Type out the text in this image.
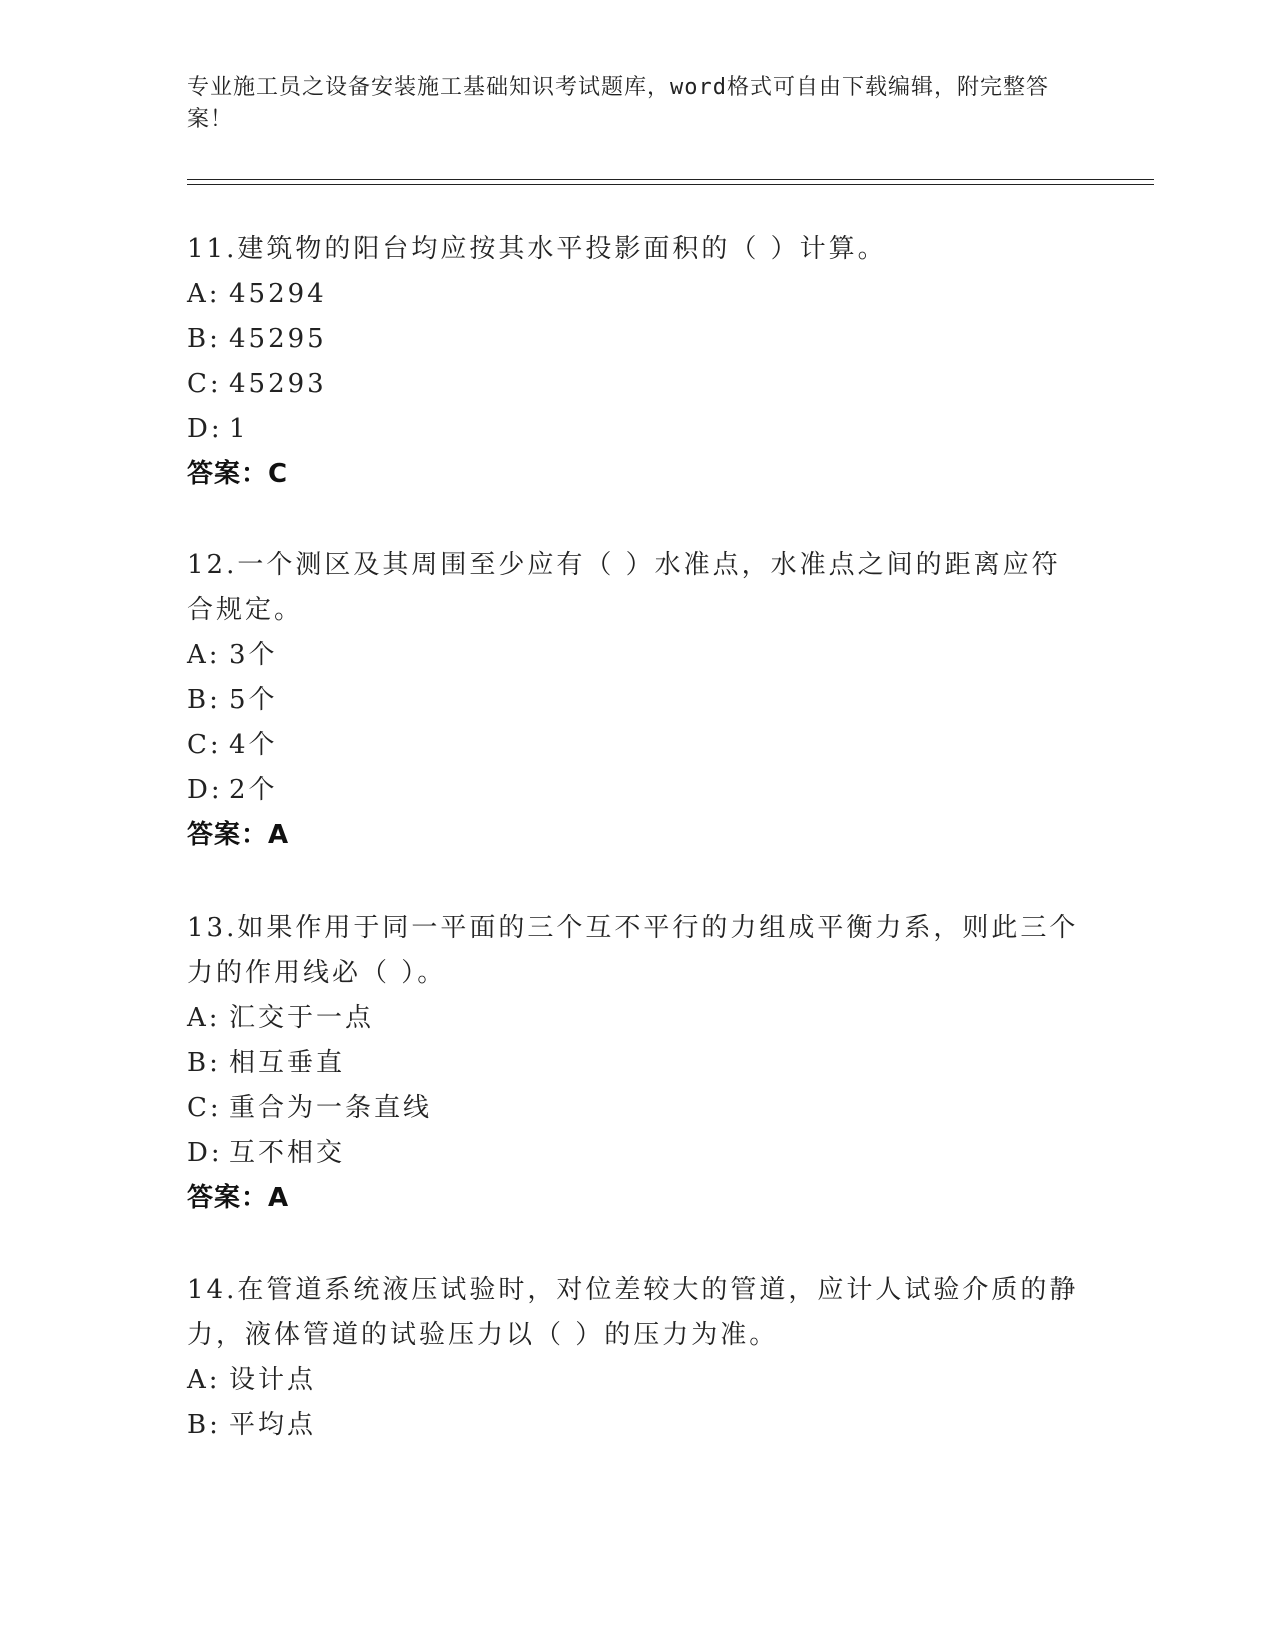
专业施工员之设备安装施工基础知识考试题库，word格式可自由下载编辑，附完整答案！
11.建筑物的阳台均应按其水平投影面积的（ ）计算。
A: 45294
B: 45295
C: 45293
D: 1
答案：C
12.一个测区及其周围至少应有（ ）水准点，水准点之间的距离应符合规定。
A: 3个
B: 5个
C: 4个
D: 2个
答案：A
13.如果作用于同一平面的三个互不平行的力组成平衡力系，则此三个力的作用线必（ ）。
A: 汇交于一点
B: 相互垂直
C: 重合为一条直线
D: 互不相交
答案：A
14.在管道系统液压试验时，对位差较大的管道，应计人试验介质的静力，液体管道的试验压力以（ ）的压力为准。
A: 设计点
B: 平均点
